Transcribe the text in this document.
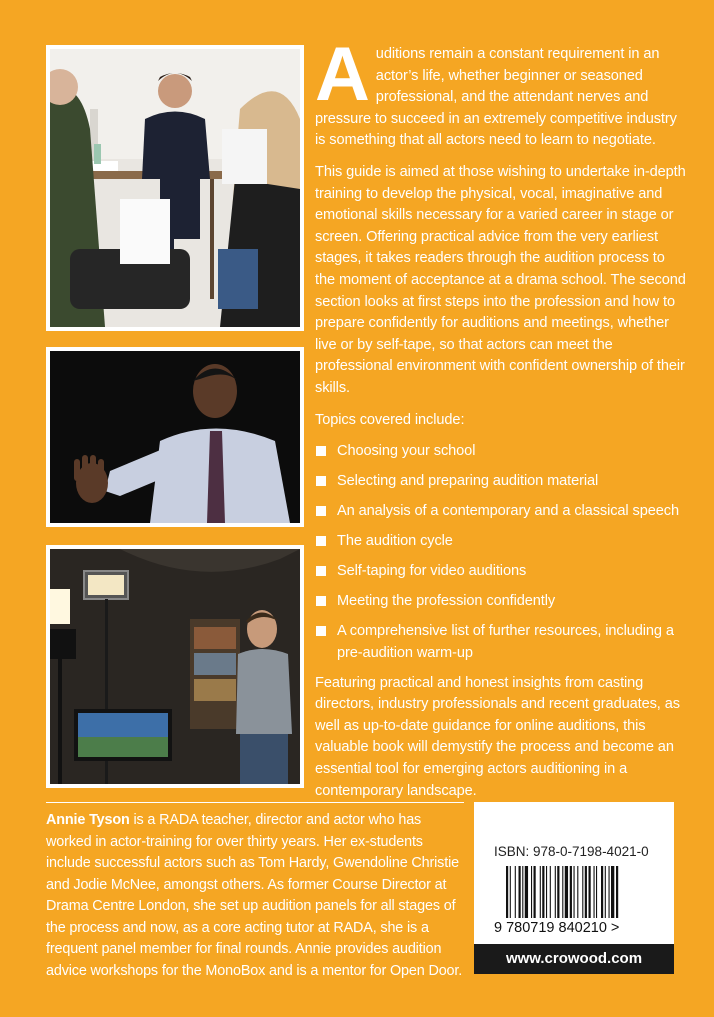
Auditions remain a constant requirement in an actor’s life, whether beginner or seasoned professional, and the attendant nerves and pressure to succeed in an extremely competitive industry is something that all actors need to learn to negotiate.

This guide is aimed at those wishing to undertake in-depth training to develop the physical, vocal, imaginative and emotional skills necessary for a varied career in stage or screen. Offering practical advice from the very earliest stages, it takes readers through the audition process to the moment of acceptance at a drama school. The second section looks at first steps into the profession and how to prepare confidently for auditions and meetings, whether live or by self-tape, so that actors can meet the professional environment with confident ownership of their skills.

Topics covered include:

Choosing your school
Selecting and preparing audition material
An analysis of a contemporary and a classical speech
The audition cycle
Self-taping for video auditions
Meeting the profession confidently
A comprehensive list of further resources, including a pre-audition warm-up

Featuring practical and honest insights from casting directors, industry professionals and recent graduates, as well as up-to-date guidance for online auditions, this valuable book will demystify the process and become an essential tool for emerging actors auditioning in a contemporary landscape.

Annie Tyson is a RADA teacher, director and actor who has worked in actor-training for over thirty years. Her ex-students include successful actors such as Tom Hardy, Gwendoline Christie and Jodie McNee, amongst others. As former Course Director at Drama Centre London, she set up audition panels for all stages of the process and now, as a core acting tutor at RADA, she is a frequent panel member for final rounds. Annie provides audition advice workshops for the MonoBox and is a mentor for Open Door.

ISBN: 978-0-7198-4021-0
9 780719 840210 >
www.crowood.com
